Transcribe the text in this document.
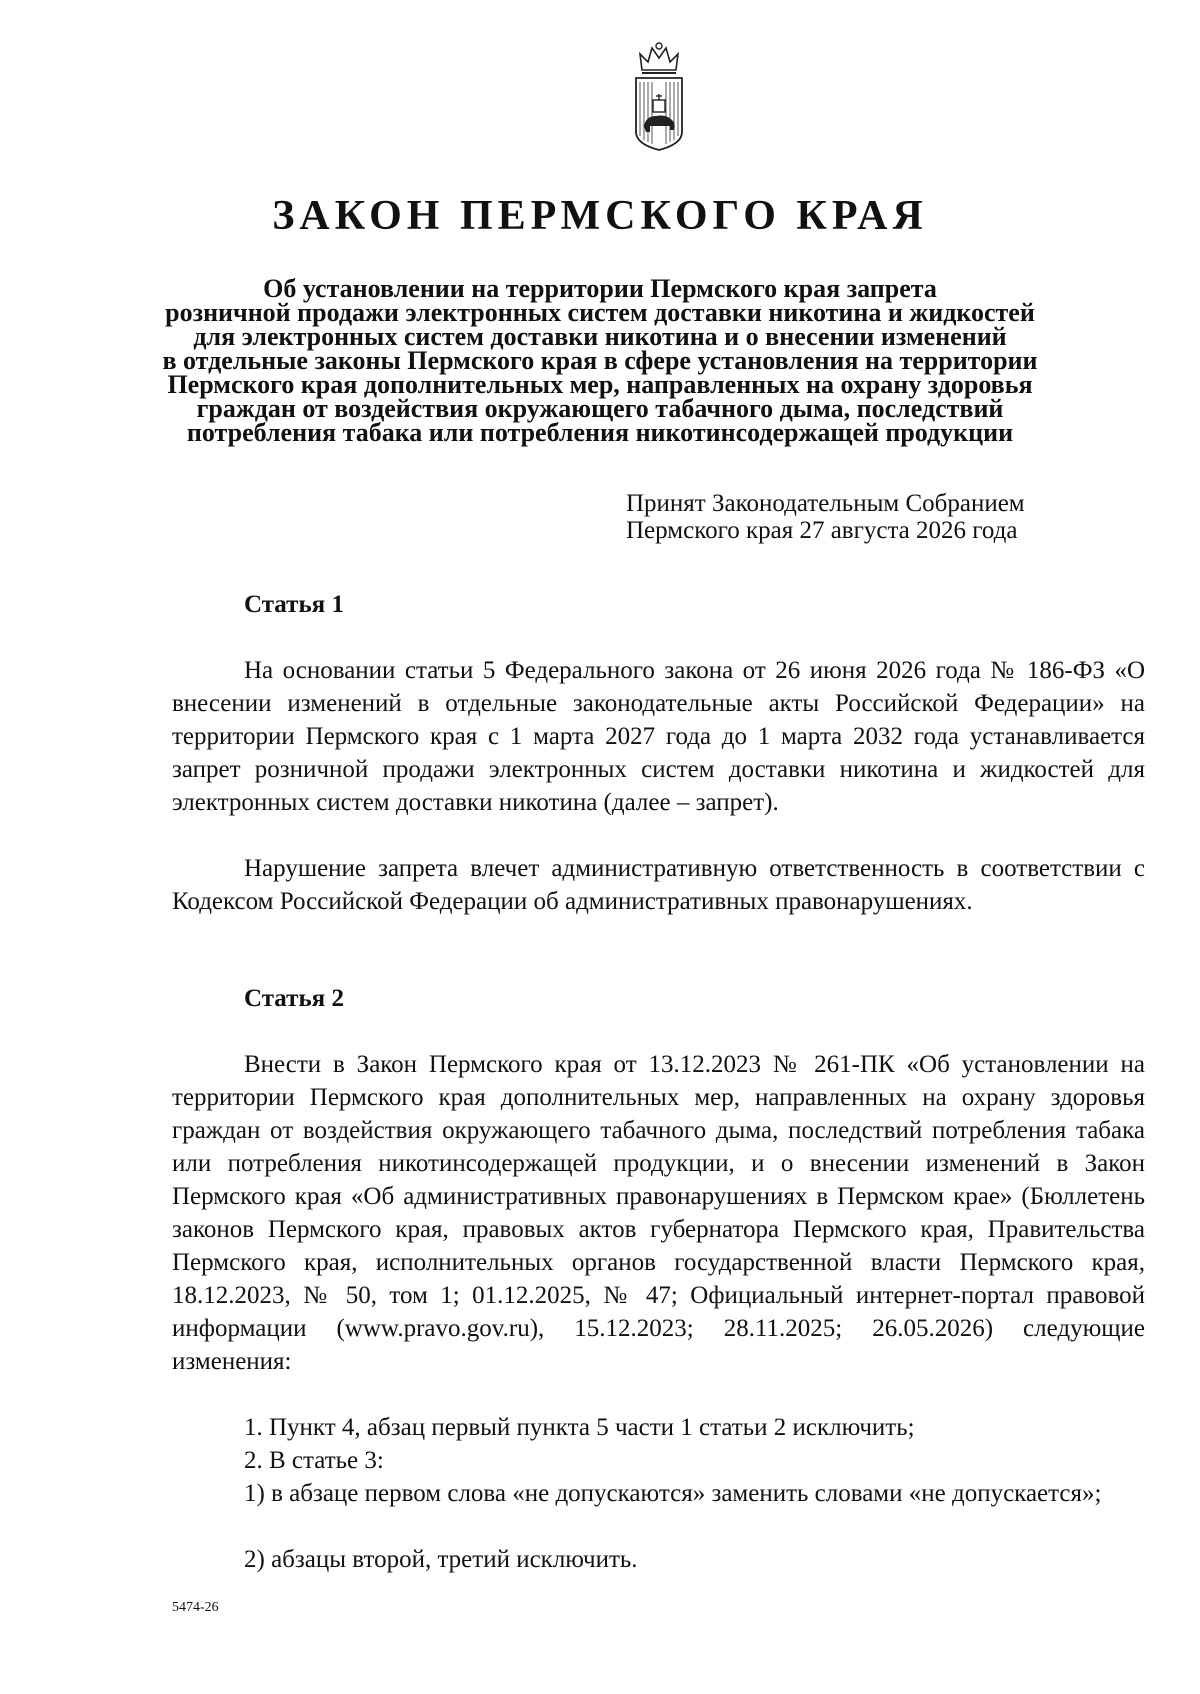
ЗАКОН ПЕРМСКОГО КРАЯ
Об установлении на территории Пермского края запрета
розничной продажи электронных систем доставки никотина и жидкостей
для электронных систем доставки никотина и о внесении изменений
в отдельные законы Пермского края в сфере установления на территории
Пермского края дополнительных мер, направленных на охрану здоровья
граждан от воздействия окружающего табачного дыма, последствий
потребления табака или потребления никотинсодержащей продукции
Принят Законодательным Собранием
Пермского края 27 августа 2026 года
Статья 1

На основании статьи 5 Федерального закона от 26 июня 2026 года № 186-ФЗ «О внесении изменений в отдельные законодательные акты Российской Федерации» на территории Пермского края с 1 марта 2027 года до 1 марта 2032 года устанавливается запрет розничной продажи электронных систем доставки никотина и жидкостей для электронных систем доставки никотина (далее – запрет).

Нарушение запрета влечет административную ответственность в соответствии с Кодексом Российской Федерации об административных правонарушениях.

Статья 2

Внести в Закон Пермского края от 13.12.2023 № 261-ПК «Об установлении на территории Пермского края дополнительных мер, направленных на охрану здоровья граждан от воздействия окружающего табачного дыма, последствий потребления табака или потребления никотинсодержащей продукции, и о внесении изменений в Закон Пермского края «Об административных правонарушениях в Пермском крае» (Бюллетень законов Пермского края, правовых актов губернатора Пермского края, Правительства Пермского края, исполнительных органов государственной власти Пермского края, 18.12.2023, № 50, том 1; 01.12.2025, № 47; Официальный интернет-портал правовой информации (www.pravo.gov.ru), 15.12.2023; 28.11.2025; 26.05.2026) следующие изменения:

1. Пункт 4, абзац первый пункта 5 части 1 статьи 2 исключить;

2. В статье 3:

1) в абзаце первом слова «не допускаются» заменить словами «не допускается»;

2) абзацы второй, третий исключить.

5474-26
